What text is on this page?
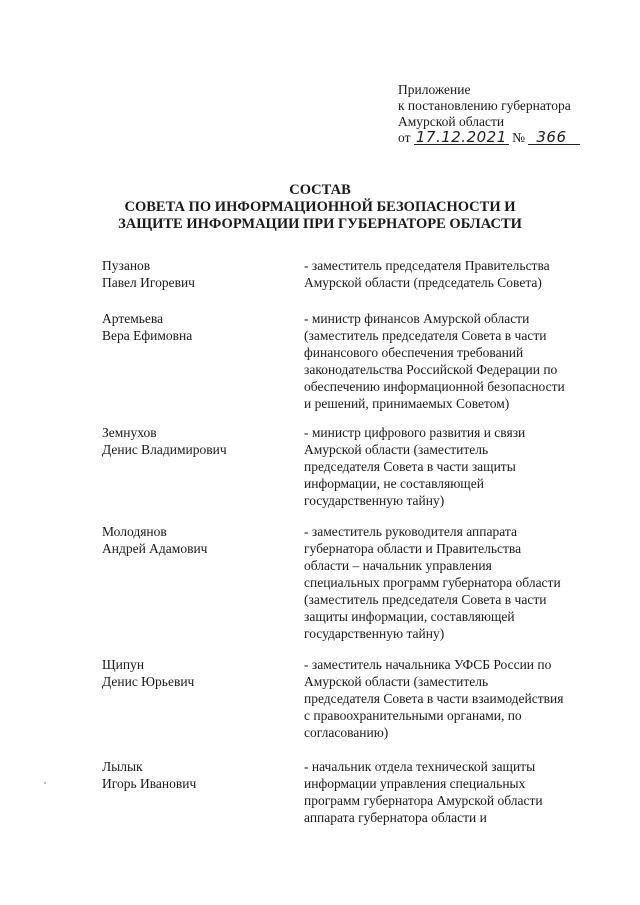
Приложение
к постановлению губернатора
Амурской области
от 17.12.2021 № 366
СОСТАВ
СОВЕТА ПО ИНФОРМАЦИОННОЙ БЕЗОПАСНОСТИ И
ЗАЩИТЕ ИНФОРМАЦИИ ПРИ ГУБЕРНАТОРЕ ОБЛАСТИ
Пузанов
Павел Игоревич
- заместитель председателя Правительства
Амурской области (председатель Совета)
Артемьева
Вера Ефимовна
- министр финансов Амурской области
(заместитель председателя Совета в части
финансового обеспечения требований
законодательства Российской Федерации по
обеспечению информационной безопасности
и решений, принимаемых Советом)
Земнухов
Денис Владимирович
- министр цифрового развития и связи
Амурской области (заместитель
председателя Совета в части защиты
информации, не составляющей
государственную тайну)
Молодянов
Андрей Адамович
- заместитель руководителя аппарата
губернатора области и Правительства
области – начальник управления
специальных программ губернатора области
(заместитель председателя Совета в части
защиты информации, составляющей
государственную тайну)
Щипун
Денис Юрьевич
- заместитель начальника УФСБ России по
Амурской области (заместитель
председателя Совета в части взаимодействия
с правоохранительными органами, по
согласованию)
Лылык
Игорь Иванович
- начальник отдела технической защиты
информации управления специальных
программ губернатора Амурской области
аппарата губернатора области и
